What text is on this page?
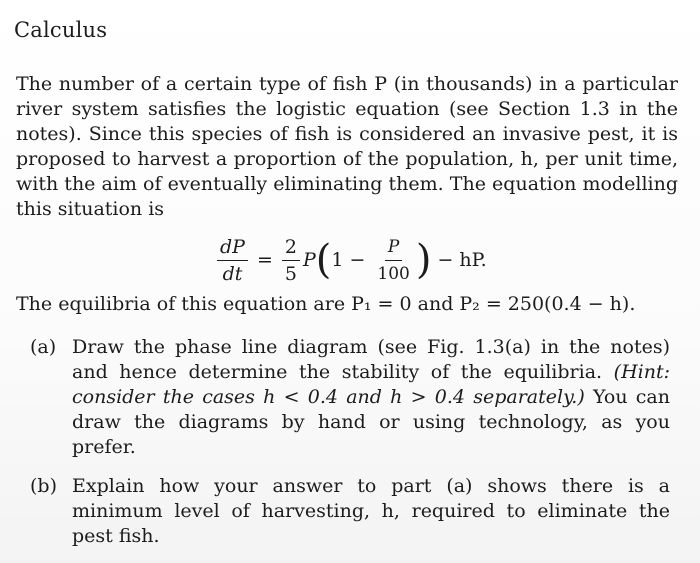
Calculus
The number of a certain type of fish P (in thousands) in a particular river system satisfies the logistic equation (see Section 1.3 in the notes). Since this species of fish is considered an invasive pest, it is proposed to harvest a proportion of the population, h, per unit time, with the aim of eventually eliminating them. The equation modelling this situation is
$\frac{dP}{dt} = \frac{2}{5}$ P ( $1 - \frac{P}{100}$ ) − hP.
The equilibria of this equation are P₁ = 0 and P₂ = 250(0.4 − h).
(a) Draw the phase line diagram (see Fig. 1.3(a) in the notes) and hence determine the stability of the equilibria. (Hint: consider the cases h < 0.4 and h > 0.4 separately.) You can draw the diagrams by hand or using technology, as you prefer.
(b) Explain how your answer to part (a) shows there is a minimum level of harvesting, h, required to eliminate the pest fish.
